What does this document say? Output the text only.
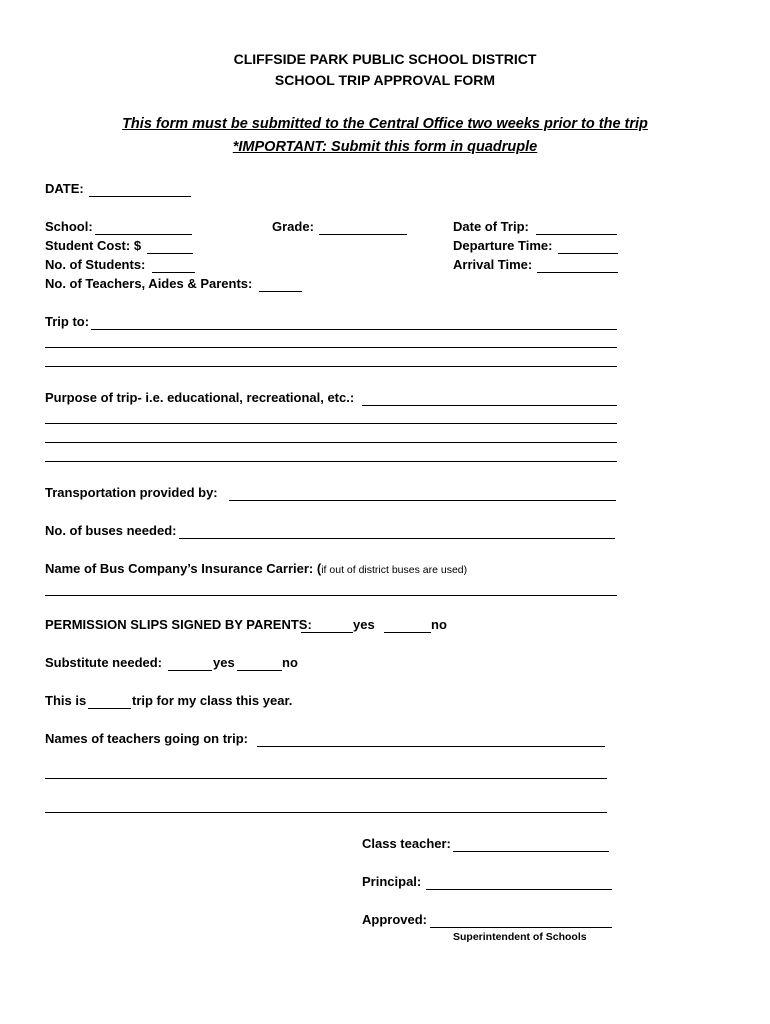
CLIFFSIDE PARK PUBLIC SCHOOL DISTRICT
SCHOOL TRIP APPROVAL FORM
This form must be submitted to the Central Office two weeks prior to the trip
*IMPORTANT: Submit this form in quadruple
DATE:
School:	Grade:	Date of Trip:
Student Cost: $	Departure Time:
No. of Students:	Arrival Time:
No. of Teachers, Aides & Parents:
Trip to:
Purpose of trip- i.e. educational, recreational, etc.:
Transportation provided by:
No. of buses needed:
Name of Bus Company’s Insurance Carrier: (if out of district buses are used)
PERMISSION SLIPS SIGNED BY PARENTS:	yes	no
Substitute needed:	yes	no
This is	trip for my class this year.
Names of teachers going on trip:
Class teacher:
Principal:
Approved:
Superintendent of Schools
